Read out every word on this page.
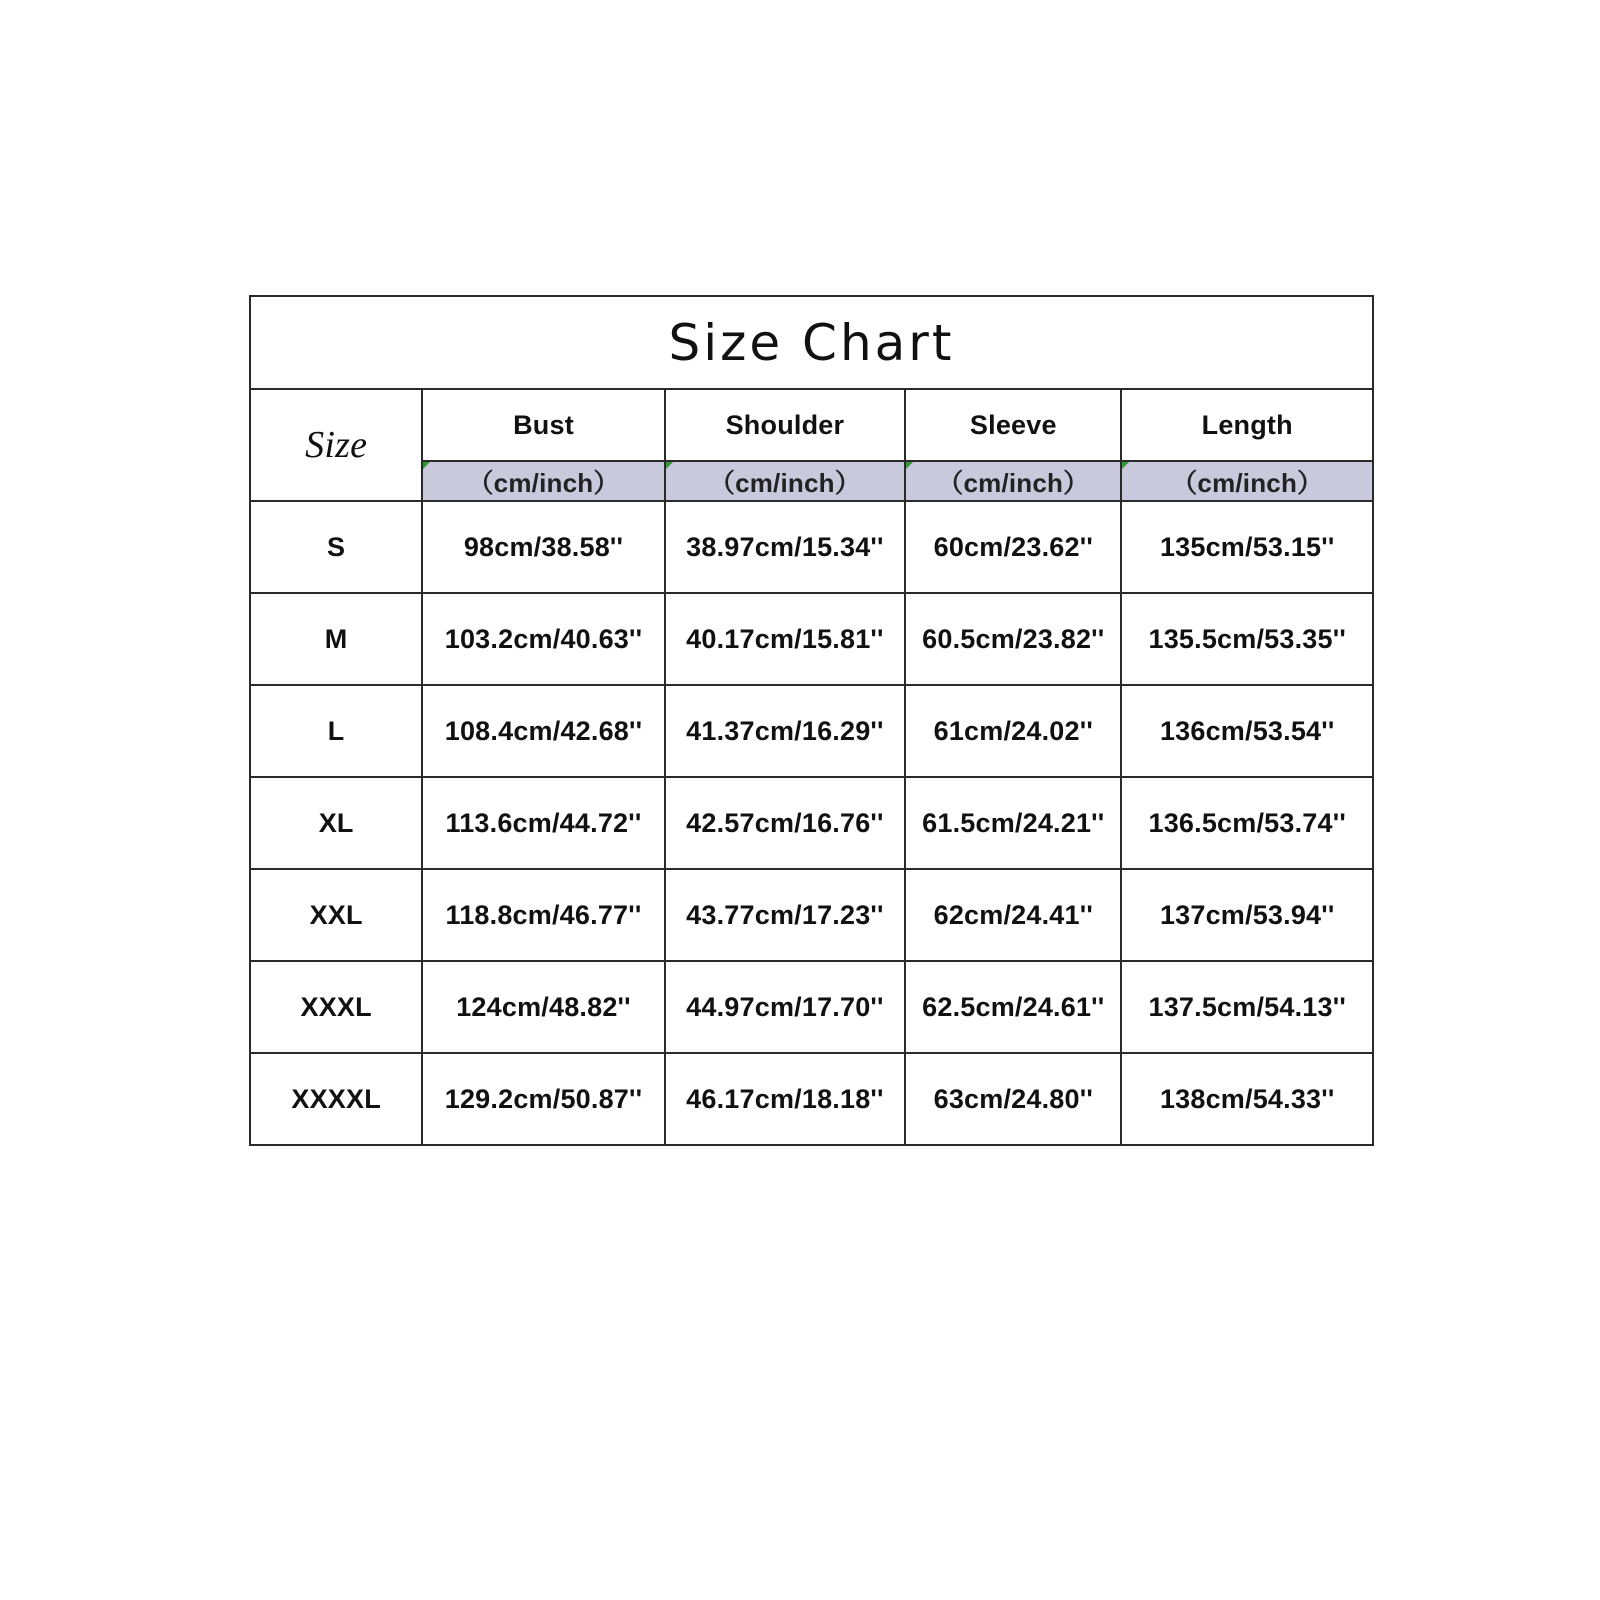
Size Chart				
Size	Bust	Shoulder	Sleeve	Length
	（cm/inch）	（cm/inch）	（cm/inch）	（cm/inch）
S	98cm/38.58''	38.97cm/15.34''	60cm/23.62''	135cm/53.15''
M	103.2cm/40.63''	40.17cm/15.81''	60.5cm/23.82''	135.5cm/53.35''
L	108.4cm/42.68''	41.37cm/16.29''	61cm/24.02''	136cm/53.54''
XL	113.6cm/44.72''	42.57cm/16.76''	61.5cm/24.21''	136.5cm/53.74''
XXL	118.8cm/46.77''	43.77cm/17.23''	62cm/24.41''	137cm/53.94''
XXXL	124cm/48.82''	44.97cm/17.70''	62.5cm/24.61''	137.5cm/54.13''
XXXXL	129.2cm/50.87''	46.17cm/18.18''	63cm/24.80''	138cm/54.33''
